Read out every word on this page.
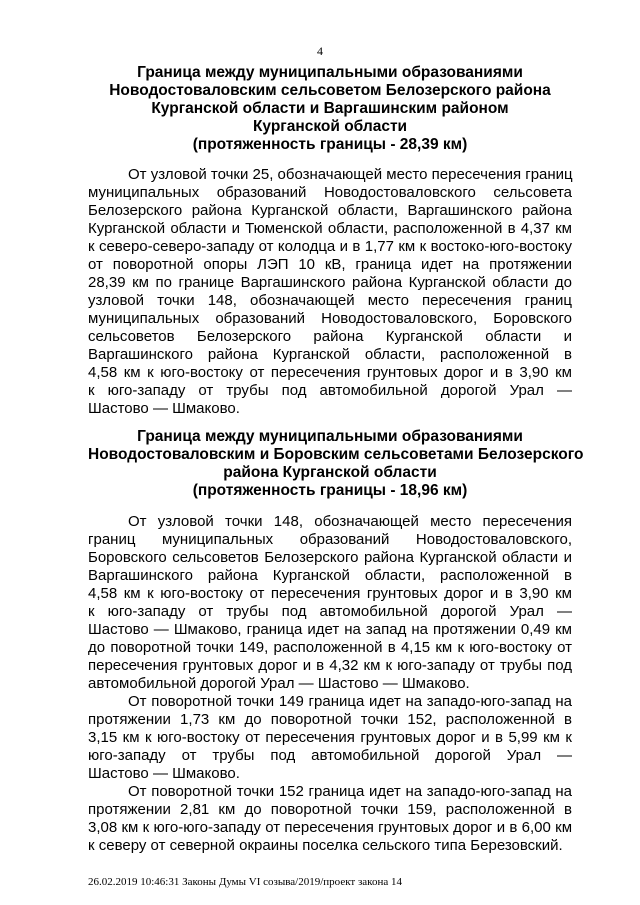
4
Граница между муниципальными образованиями
Новодостоваловским сельсоветом Белозерского района
Курганской области и Варгашинским районом
Курганской области
(протяженность границы - 28,39 км)
От узловой точки 25, обозначающей место пересечения границ
муниципальных образований Новодостоваловского сельсовета
Белозерского района Курганской области, Варгашинского района
Курганской области и Тюменской области, расположенной в 4,37 км
к северо-северо-западу от колодца и в 1,77 км к востоко-юго-востоку
от поворотной опоры ЛЭП 10 кВ, граница идет на протяжении
28,39 км по границе Варгашинского района Курганской области до
узловой точки 148, обозначающей место пересечения границ
муниципальных образований Новодостоваловского, Боровского
сельсоветов Белозерского района Курганской области и
Варгашинского района Курганской области, расположенной в
4,58 км к юго-востоку от пересечения грунтовых дорог и в 3,90 км
к юго-западу от трубы под автомобильной дорогой Урал —
Шастово — Шмаково.
Граница между муниципальными образованиями
Новодостоваловским и Боровским сельсоветами Белозерского
района Курганской области
(протяженность границы - 18,96 км)
От узловой точки 148, обозначающей место пересечения
границ муниципальных образований Новодостоваловского,
Боровского сельсоветов Белозерского района Курганской области и
Варгашинского района Курганской области, расположенной в
4,58 км к юго-востоку от пересечения грунтовых дорог и в 3,90 км
к юго-западу от трубы под автомобильной дорогой Урал —
Шастово — Шмаково, граница идет на запад на протяжении 0,49 км
до поворотной точки 149, расположенной в 4,15 км к юго-востоку от
пересечения грунтовых дорог и в 4,32 км к юго-западу от трубы под
автомобильной дорогой Урал — Шастово — Шмаково.
От поворотной точки 149 граница идет на западо-юго-запад на
протяжении 1,73 км до поворотной точки 152, расположенной в
3,15 км к юго-востоку от пересечения грунтовых дорог и в 5,99 км к
юго-западу от трубы под автомобильной дорогой Урал —
Шастово — Шмаково.
От поворотной точки 152 граница идет на западо-юго-запад на
протяжении 2,81 км до поворотной точки 159, расположенной в
3,08 км к юго-юго-западу от пересечения грунтовых дорог и в 6,00 км
к северу от северной окраины поселка сельского типа Березовский.
26.02.2019 10:46:31 Законы Думы VI созыва/2019/проект закона 14
